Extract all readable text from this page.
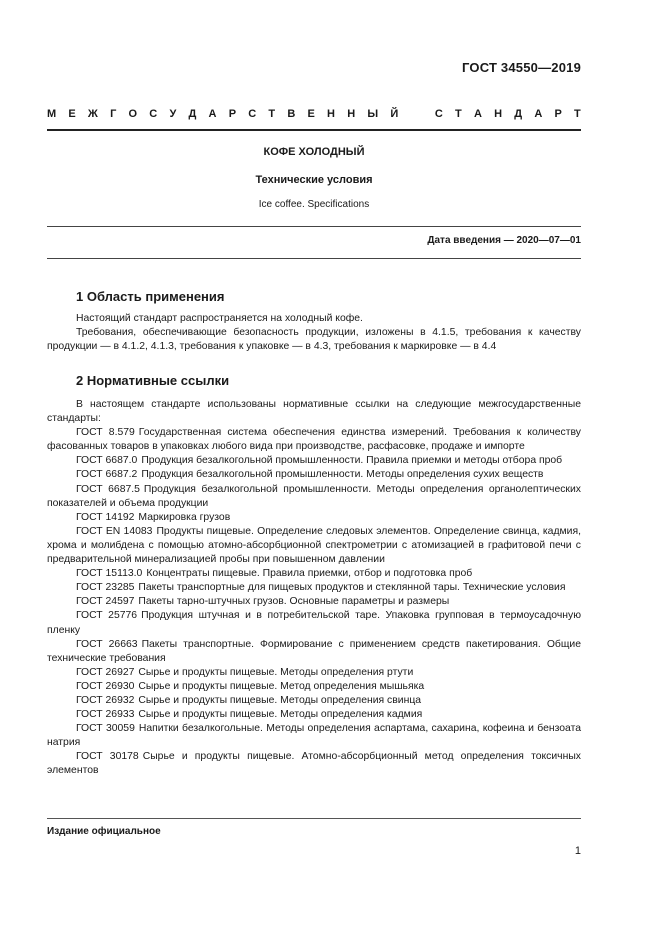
ГОСТ 34550—2019
М Е Ж Г О С У Д А Р С Т В Е Н Н Ы Й	С Т А Н Д А Р Т
КОФЕ ХОЛОДНЫЙ
Технические условия
Ice coffee. Specifications
Дата введения — 2020—07—01
1 Область применения

Настоящий стандарт распространяется на холодный кофе.

Требования, обеспечивающие безопасность продукции, изложены в 4.1.5, требования к качеству продукции — в 4.1.2, 4.1.3, требования к упаковке — в 4.3, требования к маркировке — в 4.4

2 Нормативные ссылки

В настоящем стандарте использованы нормативные ссылки на следующие межгосударственные стандарты:

ГОСТ 8.579 Государственная система обеспечения единства измерений. Требования к количеству фасованных товаров в упаковках любого вида при производстве, расфасовке, продаже и импорте

ГОСТ 6687.0 Продукция безалкогольной промышленности. Правила приемки и методы отбора проб

ГОСТ 6687.2 Продукция безалкогольной промышленности. Методы определения сухих веществ

ГОСТ 6687.5 Продукция безалкогольной промышленности. Методы определения органолептических показателей и объема продукции

ГОСТ 14192 Маркировка грузов

ГОСТ EN 14083 Продукты пищевые. Определение следовых элементов. Определение свинца, кадмия, хрома и молибдена с помощью атомно-абсорбционной спектрометрии с атомизацией в графитовой печи с предварительной минерализацией пробы при повышенном давлении

ГОСТ 15113.0 Концентраты пищевые. Правила приемки, отбор и подготовка проб

ГОСТ 23285 Пакеты транспортные для пищевых продуктов и стеклянной тары. Технические условия

ГОСТ 24597 Пакеты тарно-штучных грузов. Основные параметры и размеры

ГОСТ 25776 Продукция штучная и в потребительской таре. Упаковка групповая в термоусадочную пленку

ГОСТ 26663 Пакеты транспортные. Формирование с применением средств пакетирования. Общие технические требования

ГОСТ 26927 Сырье и продукты пищевые. Методы определения ртути

ГОСТ 26930 Сырье и продукты пищевые. Метод определения мышьяка

ГОСТ 26932 Сырье и продукты пищевые. Методы определения свинца

ГОСТ 26933 Сырье и продукты пищевые. Методы определения кадмия

ГОСТ 30059 Напитки безалкогольные. Методы определения аспартама, сахарина, кофеина и бензоата натрия

ГОСТ 30178 Сырье и продукты пищевые. Атомно-абсорбционный метод определения токсичных элементов

Издание официальное
1
